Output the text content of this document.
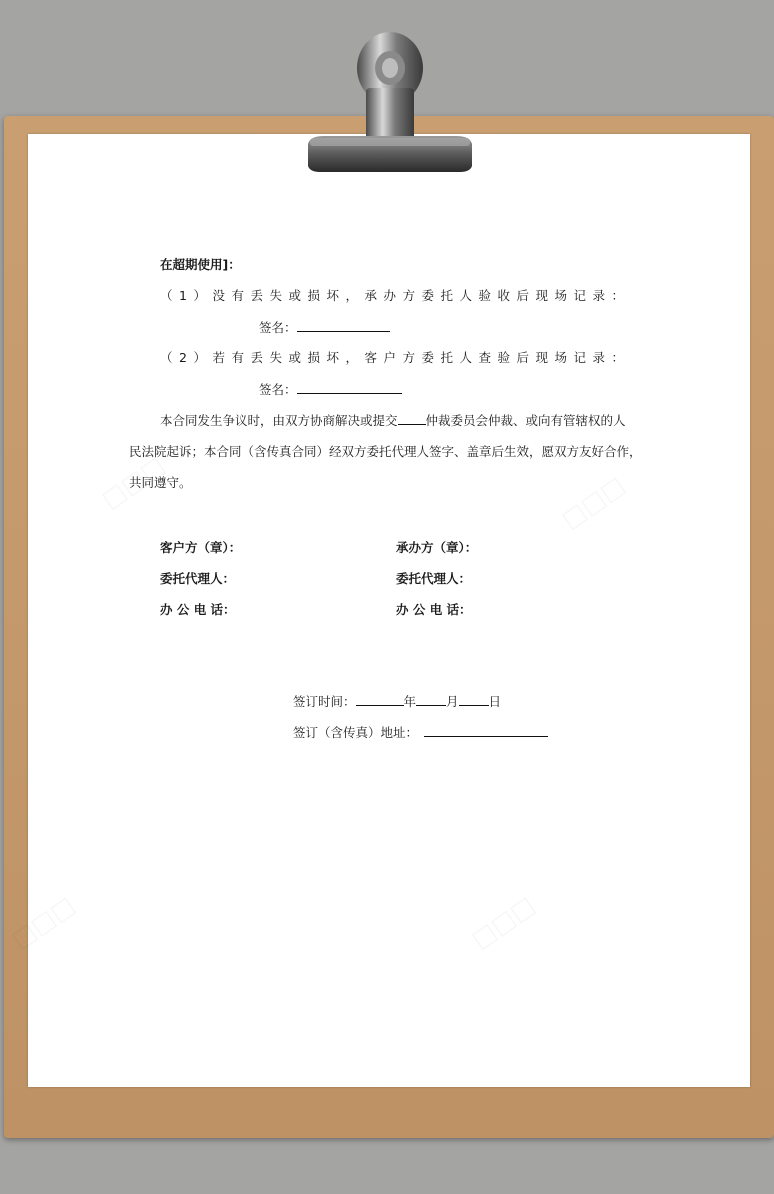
在超期使用]：
（1）没有丢失或损坏，承办方委托人验收后现场记录：
签名：
（2）若有丢失或损坏，客户方委托人查验后现场记录：
签名：
本合同发生争议时，由双方协商解决或提交 仲裁委员会仲裁、或向有管辖权的人
民法院起诉；本合同（含传真合同）经双方委托代理人签字、盖章后生效，愿双方友好合作，
共同遵守。
客户方（章）：	承办方（章）：
委托代理人：	委托代理人：
办 公 电 话：	办 公 电 话：
签订时间：	年 月 日
签订（含传真）地址：
